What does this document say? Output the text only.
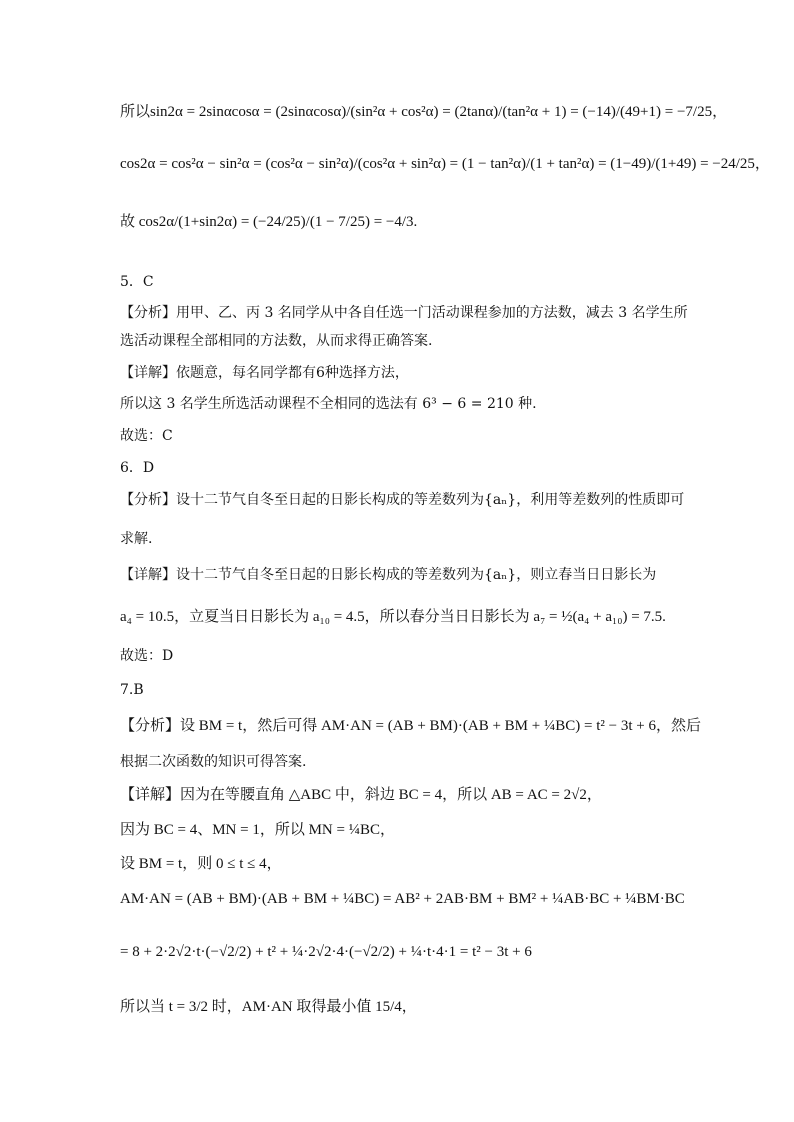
所以sin2α = 2sinαcosα = (2sinαcosα)/(sin²α + cos²α) = (2tanα)/(tan²α + 1) = (−14)/(49+1) = −7/25，
cos2α = cos²α − sin²α = (cos²α − sin²α)/(cos²α + sin²α) = (1 − tan²α)/(1 + tan²α) = (1−49)/(1+49) = −24/25，
故 cos2α/(1+sin2α) = (−24/25)/(1 − 7/25) = −4/3.
5．C
【分析】用甲、乙、丙 3 名同学从中各自任选一门活动课程参加的方法数，减去 3 名学生所
选活动课程全部相同的方法数，从而求得正确答案.
【详解】依题意，每名同学都有6种选择方法，
所以这 3 名学生所选活动课程不全相同的选法有 6³ − 6 = 210 种.
故选：C
6．D
【分析】设十二节气自冬至日起的日影长构成的等差数列为{aₙ}，利用等差数列的性质即可
求解.
【详解】设十二节气自冬至日起的日影长构成的等差数列为{aₙ}，则立春当日日影长为
a₄ = 10.5，立夏当日日影长为 a₁₀ = 4.5，所以春分当日日影长为 a₇ = ½(a₄ + a₁₀) = 7.5.
故选：D
7.B
【分析】设 BM = t，然后可得 AM·AN = (AB + BM)·(AB + BM + ¼BC) = t² − 3t + 6，然后
根据二次函数的知识可得答案.
【详解】因为在等腰直角 △ABC 中，斜边 BC = 4，所以 AB = AC = 2√2，
因为 BC = 4、MN = 1，所以 MN = ¼BC，
设 BM = t，则 0 ≤ t ≤ 4，
AM·AN = (AB + BM)·(AB + BM + ¼BC) = AB² + 2AB·BM + BM² + ¼AB·BC + ¼BM·BC
= 8 + 2·2√2·t·(−√2/2) + t² + ¼·2√2·4·(−√2/2) + ¼·t·4·1 = t² − 3t + 6
所以当 t = 3/2 时，AM·AN 取得最小值 15/4，
